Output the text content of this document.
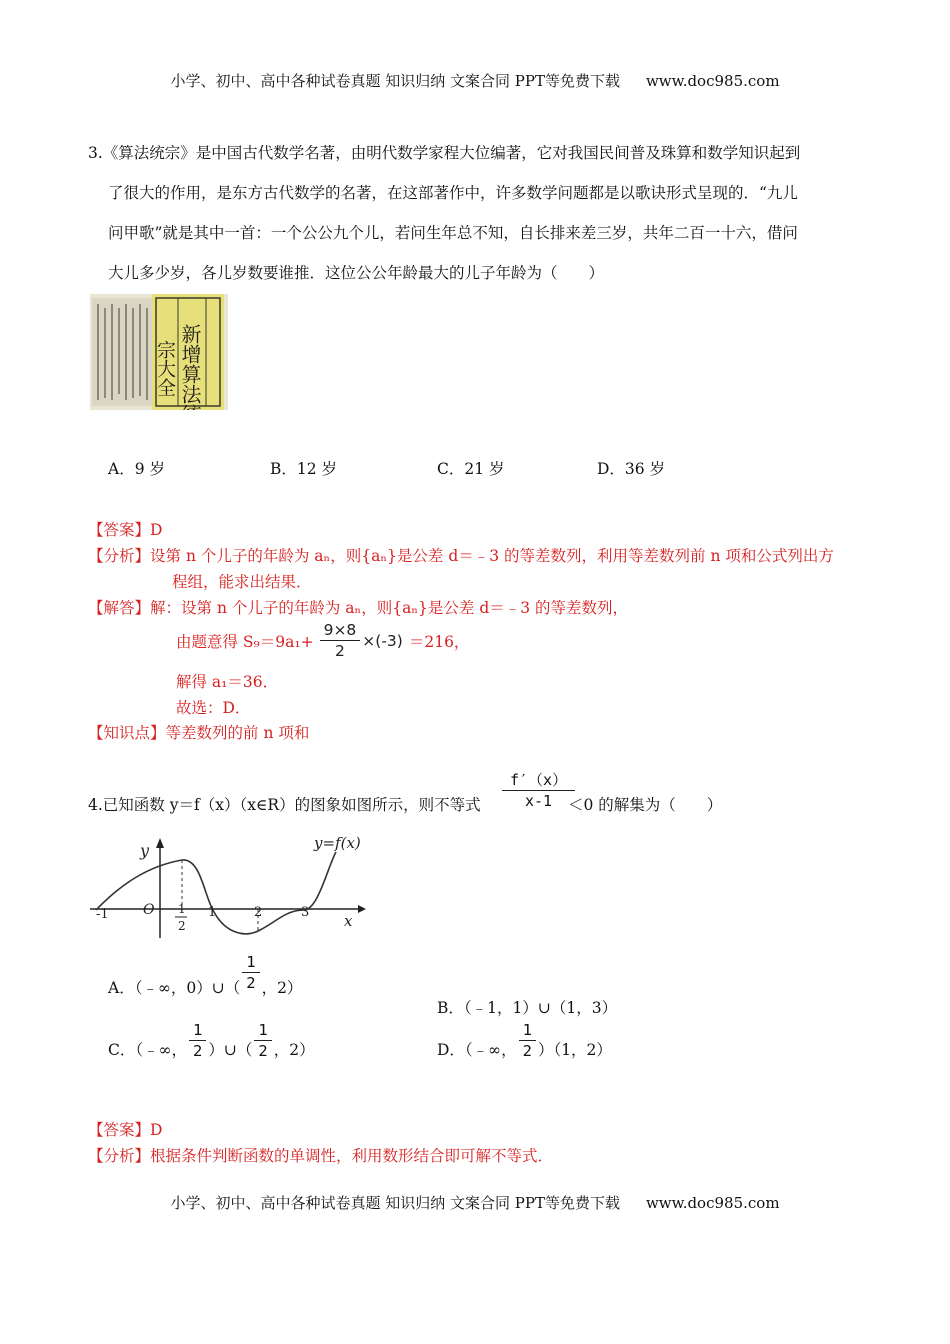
小学、初中、高中各种试卷真题 知识归纳 文案合同 PPT等免费下载 www.doc985.com
3.《算法统宗》是中国古代数学名著，由明代数学家程大位编著，它对我国民间普及珠算和数学知识起到
了很大的作用，是东方古代数学的名著，在这部著作中，许多数学问题都是以歌诀形式呈现的．“九儿
问甲歌”就是其中一首：一个公公九个儿，若问生年总不知，自长排来差三岁，共年二百一十六，借问
大儿多少岁，各儿岁数要谁推．这位公公年龄最大的儿子年龄为（　　）
宗大全 新增算法统
A．9 岁	B．12 岁	C．21 岁	D．36 岁
【答案】D
【分析】设第 n 个儿子的年龄为 aₙ，则{aₙ}是公差 d＝﹣3 的等差数列，利用等差数列前 n 项和公式列出方
程组，能求出结果．
【解答】解：设第 n 个儿子的年龄为 aₙ，则{aₙ}是公差 d＝﹣3 的等差数列，
由题意得 $S_9=9a_1+ \frac{9\times 8}{2} \times(-3) =216$，
解得 a₁＝36．
故选：D．
【知识点】等差数列的前 n 项和
4.已知函数 y＝f（x）（x∈R）的图象如图所示，则不等式 $\frac{f'(x)}{x-1}$
＜0 的解集为（　　）
y=f(x)
y
x
O
-1	1
2
1	2	3
A．（﹣∞，0）∪（ $\frac{1}{2}$ ，2）
B．（﹣1，1）∪（1，3）
C．（﹣∞， $\frac{1}{2}$ ）∪（ $\frac{1}{2}$ ，2）	D．（﹣∞， $\frac{1}{2} )(1$，2）
【答案】D
【分析】根据条件判断函数的单调性，利用数形结合即可解不等式．
小学、初中、高中各种试卷真题 知识归纳 文案合同 PPT等免费下载 www.doc985.com
